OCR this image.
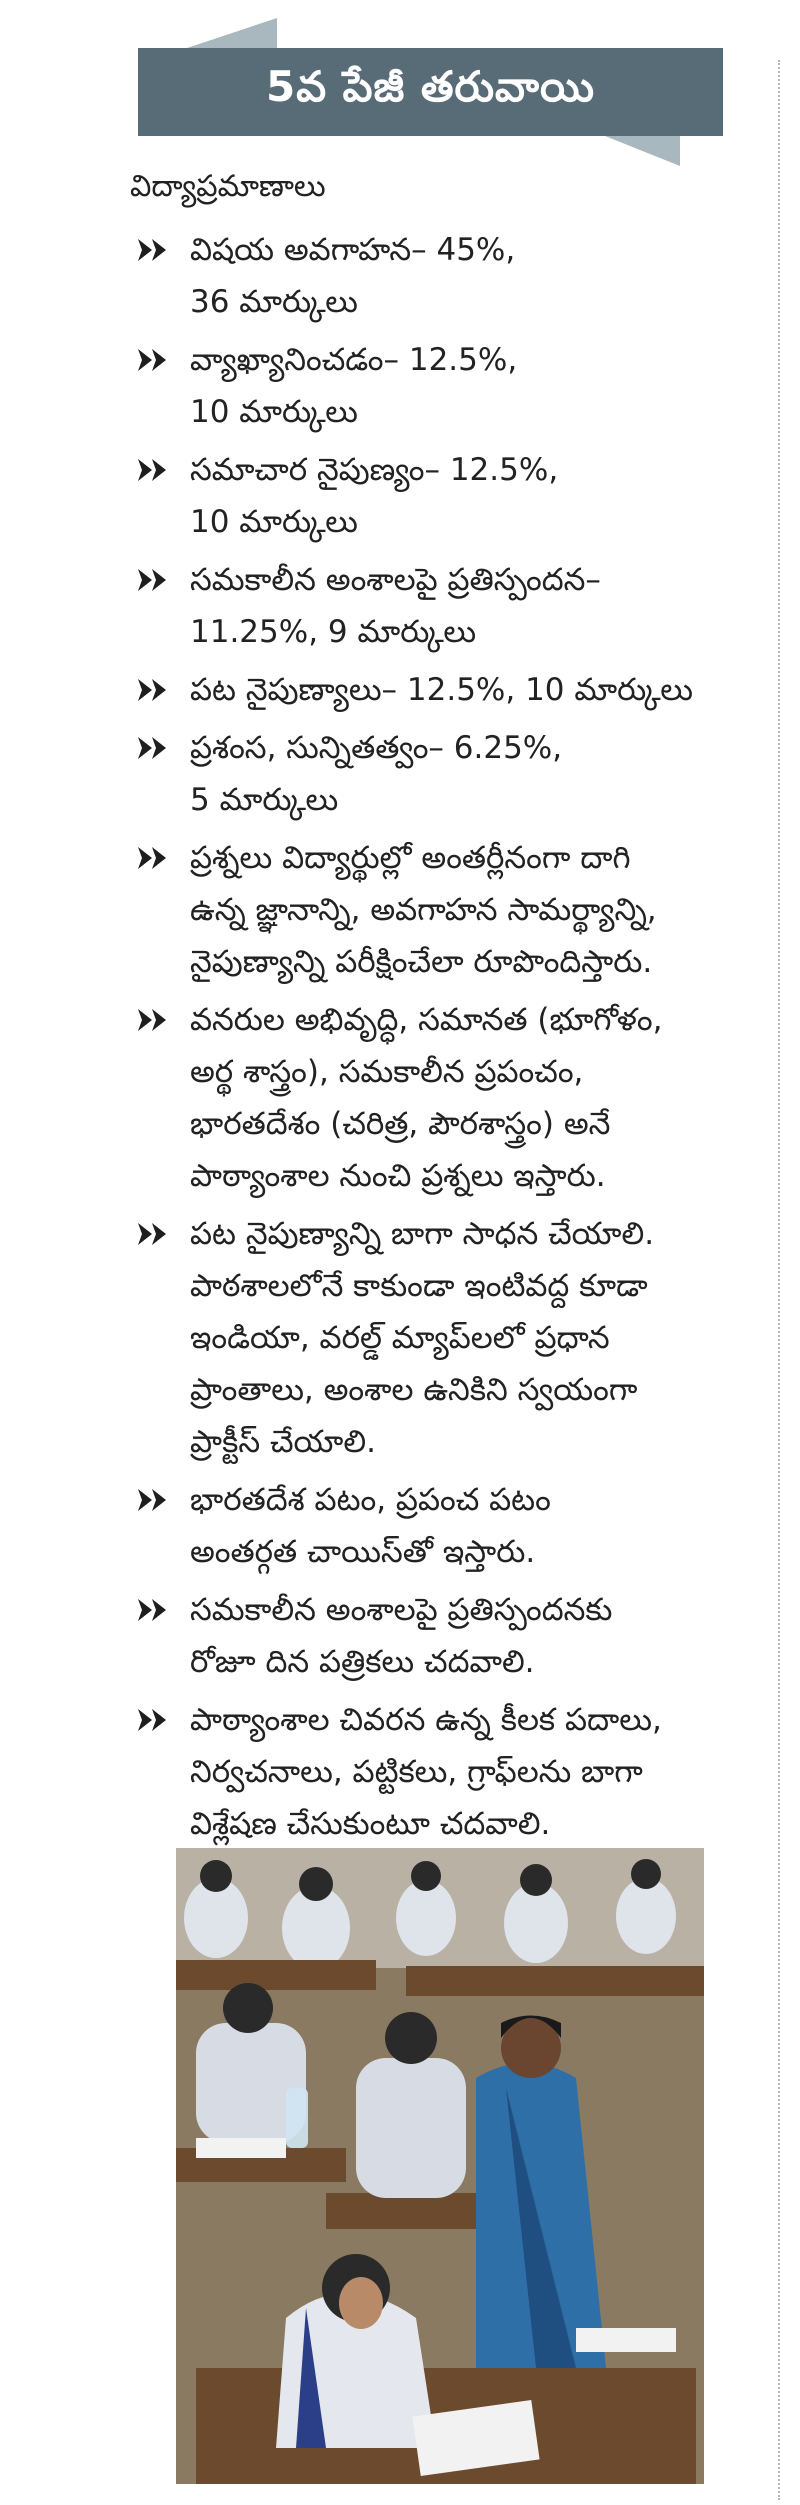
5వ పేజీ తరువాయి
విద్యాప్రమాణాలు
విషయ అవగాహన– 45%,
36 మార్కులు
వ్యాఖ్యానించడం– 12.5%,
10 మార్కులు
సమాచార నైపుణ్యం– 12.5%,
10 మార్కులు
సమకాలీన అంశాలపై ప్రతిస్పందన–
11.25%, 9 మార్కులు
పట నైపుణ్యాలు– 12.5%, 10 మార్కులు
ప్రశంస, సున్నితత్వం– 6.25%,
5 మార్కులు
ప్రశ్నలు విద్యార్థుల్లో అంతర్లీనంగా దాగి
ఉన్న జ్ఞానాన్ని, అవగాహన సామర్థ్యాన్ని,
నైపుణ్యాన్ని పరీక్షించేలా రూపొందిస్తారు.
వనరుల అభివృద్ధి, సమానత (భూగోళం,
అర్థ శాస్త్రం), సమకాలీన ప్రపంచం,
భారతదేశం (చరిత్ర, పౌరశాస్త్రం) అనే
పాఠ్యాంశాల నుంచి ప్రశ్నలు ఇస్తారు.
పట నైపుణ్యాన్ని బాగా సాధన చేయాలి.
పాఠశాలలోనే కాకుండా ఇంటివద్ద కూడా
ఇండియా, వరల్డ్ మ్యాప్‌లలో ప్రధాన
ప్రాంతాలు, అంశాల ఉనికిని స్వయంగా
ప్రాక్టీస్ చేయాలి.
భారతదేశ పటం, ప్రపంచ పటం
అంతర్గత చాయిస్‌తో ఇస్తారు.
సమకాలీన అంశాలపై ప్రతిస్పందనకు
రోజూ దిన పత్రికలు చదవాలి.
పాఠ్యాంశాల చివరన ఉన్న కీలక పదాలు,
నిర్వచనాలు, పట్టికలు, గ్రాఫ్‌లను బాగా
విశ్లేషణ చేసుకుంటూ చదవాలి.
